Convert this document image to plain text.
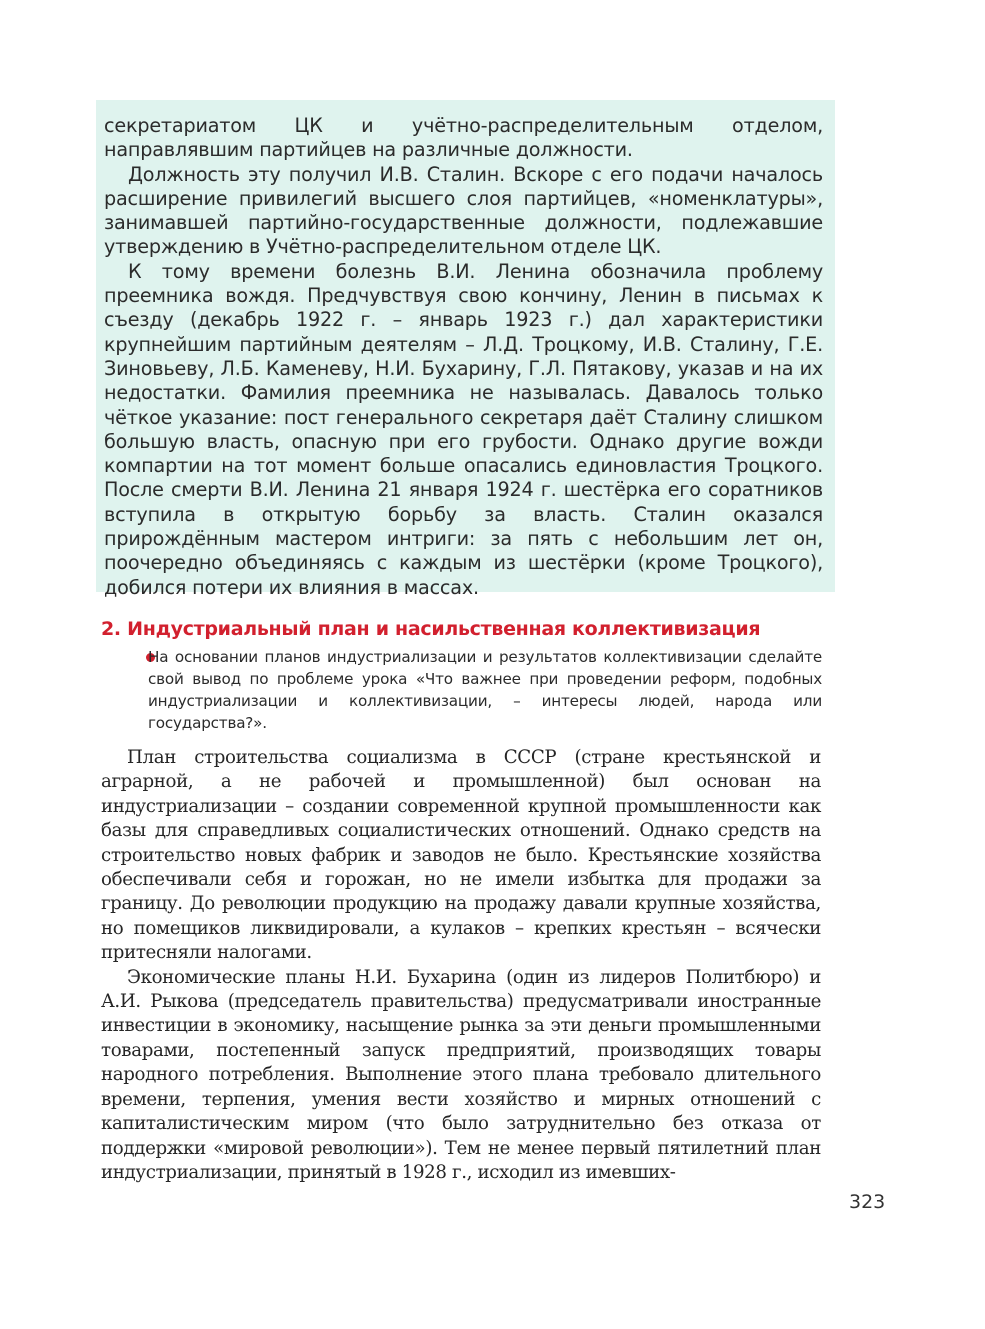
секретариатом ЦК и учётно-распределительным отделом, направлявшим партийцев на различные должности.

Должность эту получил И.В. Сталин. Вскоре с его подачи началось расширение привилегий высшего слоя партийцев, «номенклатуры», занимавшей партийно-государственные должности, подлежавшие утверждению в Учётно-распределительном отделе ЦК.

К тому времени болезнь В.И. Ленина обозначила проблему преемника вождя. Предчувствуя свою кончину, Ленин в письмах к съезду (декабрь 1922 г. – январь 1923 г.) дал характеристики крупнейшим партийным деятелям – Л.Д. Троцкому, И.В. Сталину, Г.Е. Зиновьеву, Л.Б. Каменеву, Н.И. Бухарину, Г.Л. Пятакову, указав и на их недостатки. Фамилия преемника не называлась. Давалось только чёткое указание: пост генерального секретаря даёт Сталину слишком большую власть, опасную при его грубости. Однако другие вожди компартии на тот момент больше опасались единовластия Троцкого. После смерти В.И. Ленина 21 января 1924 г. шестёрка его соратников вступила в открытую борьбу за власть. Сталин оказался прирождённым мастером интриги: за пять с небольшим лет он, поочередно объединяясь с каждым из шестёрки (кроме Троцкого), добился потери их влияния в массах.

2. Индустриальный план и насильственная коллективизация

На основании планов индустриализации и результатов коллективизации сделайте свой вывод по проблеме урока «Что важнее при проведении реформ, подобных индустриализации и коллективизации, – интересы людей, народа или государства?».

План строительства социализма в СССР (стране крестьянской и аграрной, а не рабочей и промышленной) был основан на индустриализации – создании современной крупной промышленности как базы для справедливых социалистических отношений. Однако средств на строительство новых фабрик и заводов не было. Крестьянские хозяйства обеспечивали себя и горожан, но не имели избытка для продажи за границу. До революции продукцию на продажу давали крупные хозяйства, но помещиков ликвидировали, а кулаков – крепких крестьян – всячески притесняли налогами.

Экономические планы Н.И. Бухарина (один из лидеров Политбюро) и А.И. Рыкова (председатель правительства) предусматривали иностранные инвестиции в экономику, насыщение рынка за эти деньги промышленными товарами, постепенный запуск предприятий, производящих товары народного потребления. Выполнение этого плана требовало длительного времени, терпения, умения вести хозяйство и мирных отношений с капиталистическим миром (что было затруднительно без отказа от поддержки «мировой революции»). Тем не менее первый пятилетний план индустриализации, принятый в 1928 г., исходил из имевших-

323
